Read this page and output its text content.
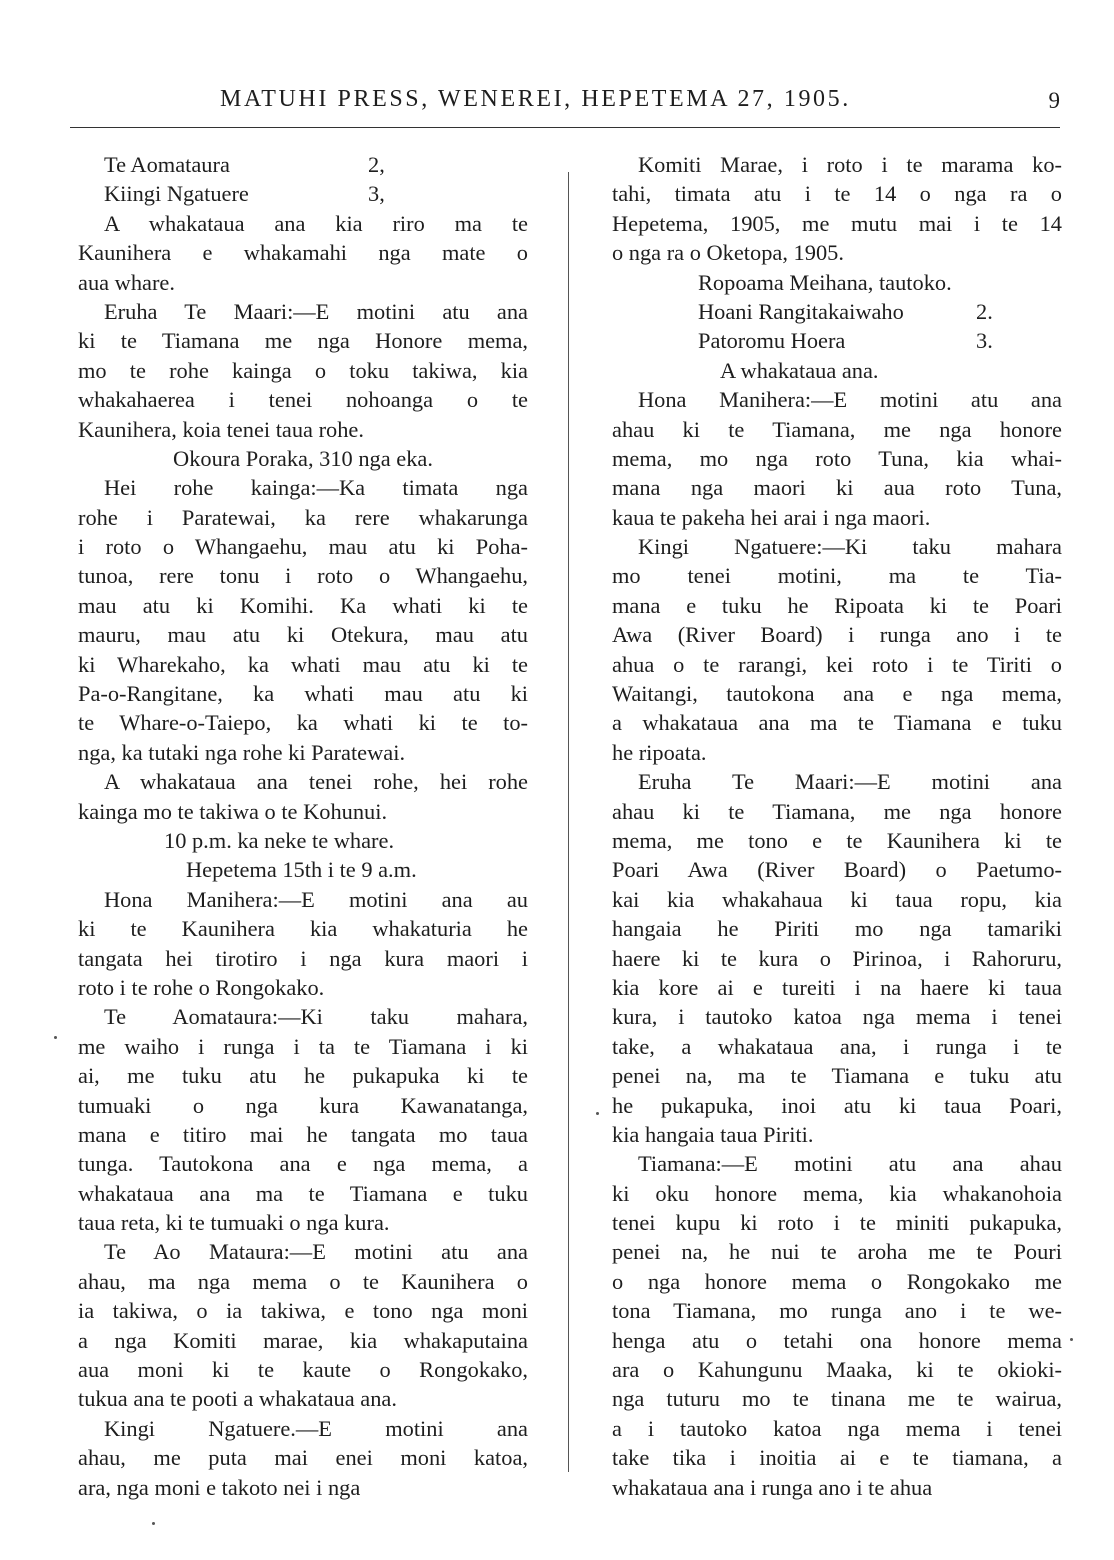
MATUHI PRESS, WENEREI, HEPETEMA 27, 1905.	9
Te Aomataura	2,
Kiingi Ngatuere	3,
A whakataua ana kia riro ma te
Kaunihera e whakamahi nga mate o
aua whare.
Eruha Te Maari:—E motini atu ana
ki te Tiamana me nga Honore mema,
mo te rohe kainga o toku takiwa, kia
whakahaerea i tenei nohoanga o te
Kaunihera, koia tenei taua rohe.
Okoura Poraka, 310 nga eka.
Hei rohe kainga:—Ka timata nga
rohe i Paratewai, ka rere whakarunga
i roto o Whangaehu, mau atu ki Poha-
tunoa, rere tonu i roto o Whangaehu,
mau atu ki Komihi. Ka whati ki te
mauru, mau atu ki Otekura, mau atu
ki Wharekaho, ka whati mau atu ki te
Pa-o-Rangitane, ka whati mau atu ki
te Whare-o-Taiepo, ka whati ki te to-
nga, ka tutaki nga rohe ki Paratewai.
A whakataua ana tenei rohe, hei rohe
kainga mo te takiwa o te Kohunui.
10 p.m. ka neke te whare.
Hepetema 15th i te 9 a.m.
Hona Manihera:—E motini ana au
ki te Kaunihera kia whakaturia he
tangata hei tirotiro i nga kura maori i
roto i te rohe o Rongokako.
Te Aomataura:—Ki taku mahara,
me waiho i runga i ta te Tiamana i ki
ai, me tuku atu he pukapuka ki te
tumuaki o nga kura Kawanatanga,
mana e titiro mai he tangata mo taua
tunga. Tautokona ana e nga mema, a
whakataua ana ma te Tiamana e tuku
taua reta, ki te tumuaki o nga kura.
Te Ao Mataura:—E motini atu ana
ahau, ma nga mema o te Kaunihera o
ia takiwa, o ia takiwa, e tono nga moni
a nga Komiti marae, kia whakaputaina
aua moni ki te kaute o Rongokako,
tukua ana te pooti a whakataua ana.
Kingi Ngatuere.—E motini ana
ahau, me puta mai enei moni katoa,
ara, nga moni e takoto nei i nga
Komiti Marae, i roto i te marama ko-
tahi, timata atu i te 14 o nga ra o
Hepetema, 1905, me mutu mai i te 14
o nga ra o Oketopa, 1905.
Ropoama Meihana, tautoko.
Hoani Rangitakaiwaho	2.
Patoromu Hoera	3.
A whakataua ana.
Hona Manihera:—E motini atu ana
ahau ki te Tiamana, me nga honore
mema, mo nga roto Tuna, kia whai-
mana nga maori ki aua roto Tuna,
kaua te pakeha hei arai i nga maori.
Kingi Ngatuere:—Ki taku mahara
mo tenei motini, ma te Tia-
mana e tuku he Ripoata ki te Poari
Awa (River Board) i runga ano i te
ahua o te rarangi, kei roto i te Tiriti o
Waitangi, tautokona ana e nga mema,
a whakataua ana ma te Tiamana e tuku
he ripoata.
Eruha Te Maari:—E motini ana
ahau ki te Tiamana, me nga honore
mema, me tono e te Kaunihera ki te
Poari Awa (River Board) o Paetumo-
kai kia whakahaua ki taua ropu, kia
hangaia he Piriti mo nga tamariki
haere ki te kura o Pirinoa, i Rahoruru,
kia kore ai e tureiti i na haere ki taua
kura, i tautoko katoa nga mema i tenei
take, a whakataua ana, i runga i te
penei na, ma te Tiamana e tuku atu
he pukapuka, inoi atu ki taua Poari,
kia hangaia taua Piriti.
Tiamana:—E motini atu ana ahau
ki oku honore mema, kia whakanohoia
tenei kupu ki roto i te miniti pukapuka,
penei na, he nui te aroha me te Pouri
o nga honore mema o Rongokako me
tona Tiamana, mo runga ano i te we-
henga atu o tetahi ona honore mema
ara o Kahungunu Maaka, ki te okioki-
nga tuturu mo te tinana me te wairua,
a i tautoko katoa nga mema i tenei
take tika i inoitia ai e te tiamana, a
whakataua ana i runga ano i te ahua
